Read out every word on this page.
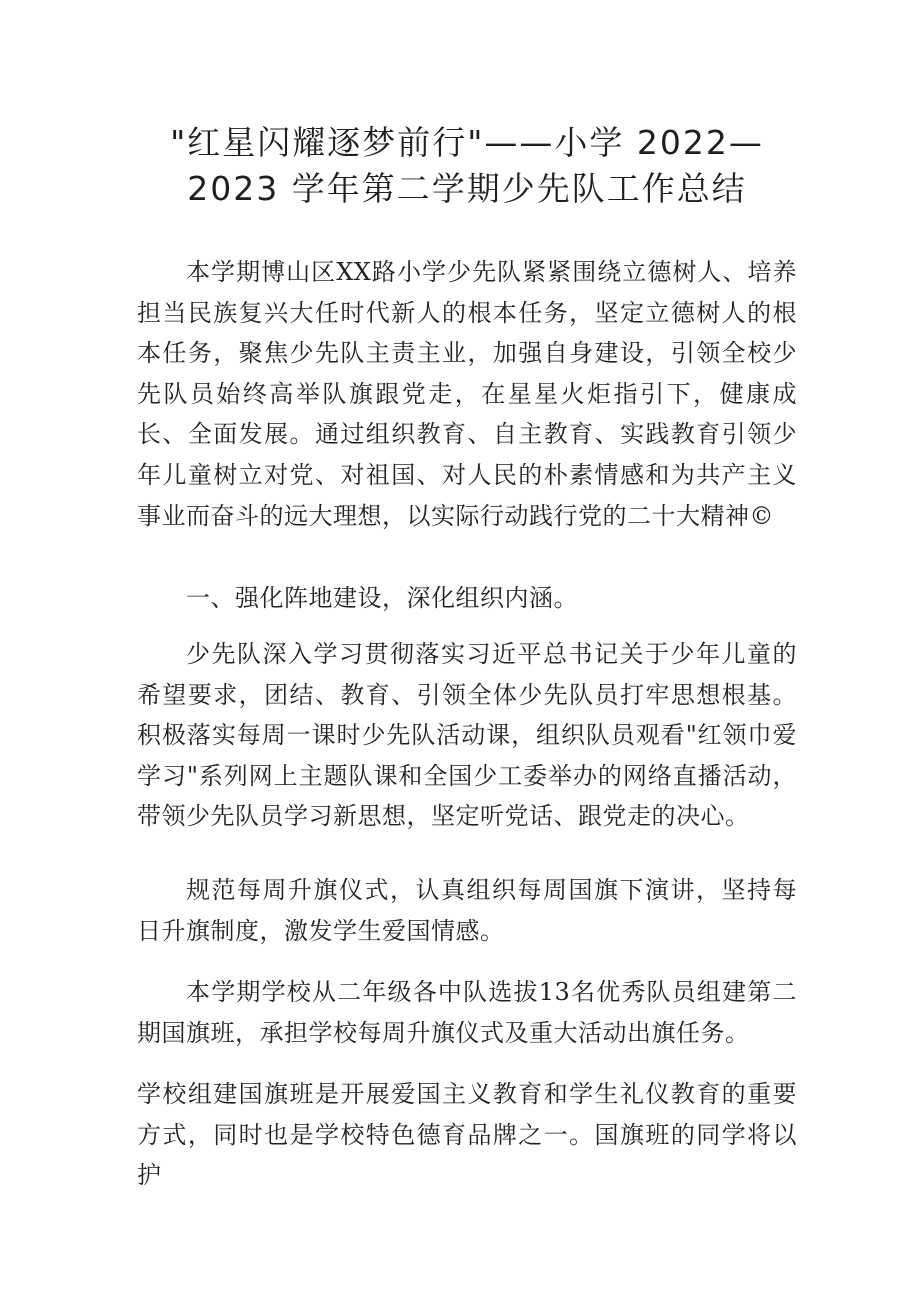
"红星闪耀逐梦前行"——小学 2022—
2023 学年第二学期少先队工作总结
本学期博山区XX路小学少先队紧紧围绕立德树人、培养担当民族复兴大任时代新人的根本任务，坚定立德树人的根本任务，聚焦少先队主责主业，加强自身建设，引领全校少先队员始终高举队旗跟党走，在星星火炬指引下，健康成长、全面发展。通过组织教育、自主教育、实践教育引领少年儿童树立对党、对祖国、对人民的朴素情感和为共产主义事业而奋斗的远大理想，以实际行动践行党的二十大精神©
一、强化阵地建设，深化组织内涵。
少先队深入学习贯彻落实习近平总书记关于少年儿童的希望要求，团结、教育、引领全体少先队员打牢思想根基。积极落实每周一课时少先队活动课，组织队员观看"红领巾爱学习"系列网上主题队课和全国少工委举办的网络直播活动，带领少先队员学习新思想，坚定听党话、跟党走的决心。
规范每周升旗仪式，认真组织每周国旗下演讲，坚持每日升旗制度，激发学生爱国情感。
本学期学校从二年级各中队选拔13名优秀队员组建第二期国旗班，承担学校每周升旗仪式及重大活动出旗任务。
学校组建国旗班是开展爱国主义教育和学生礼仪教育的重要方式，同时也是学校特色德育品牌之一。国旗班的同学将以护
